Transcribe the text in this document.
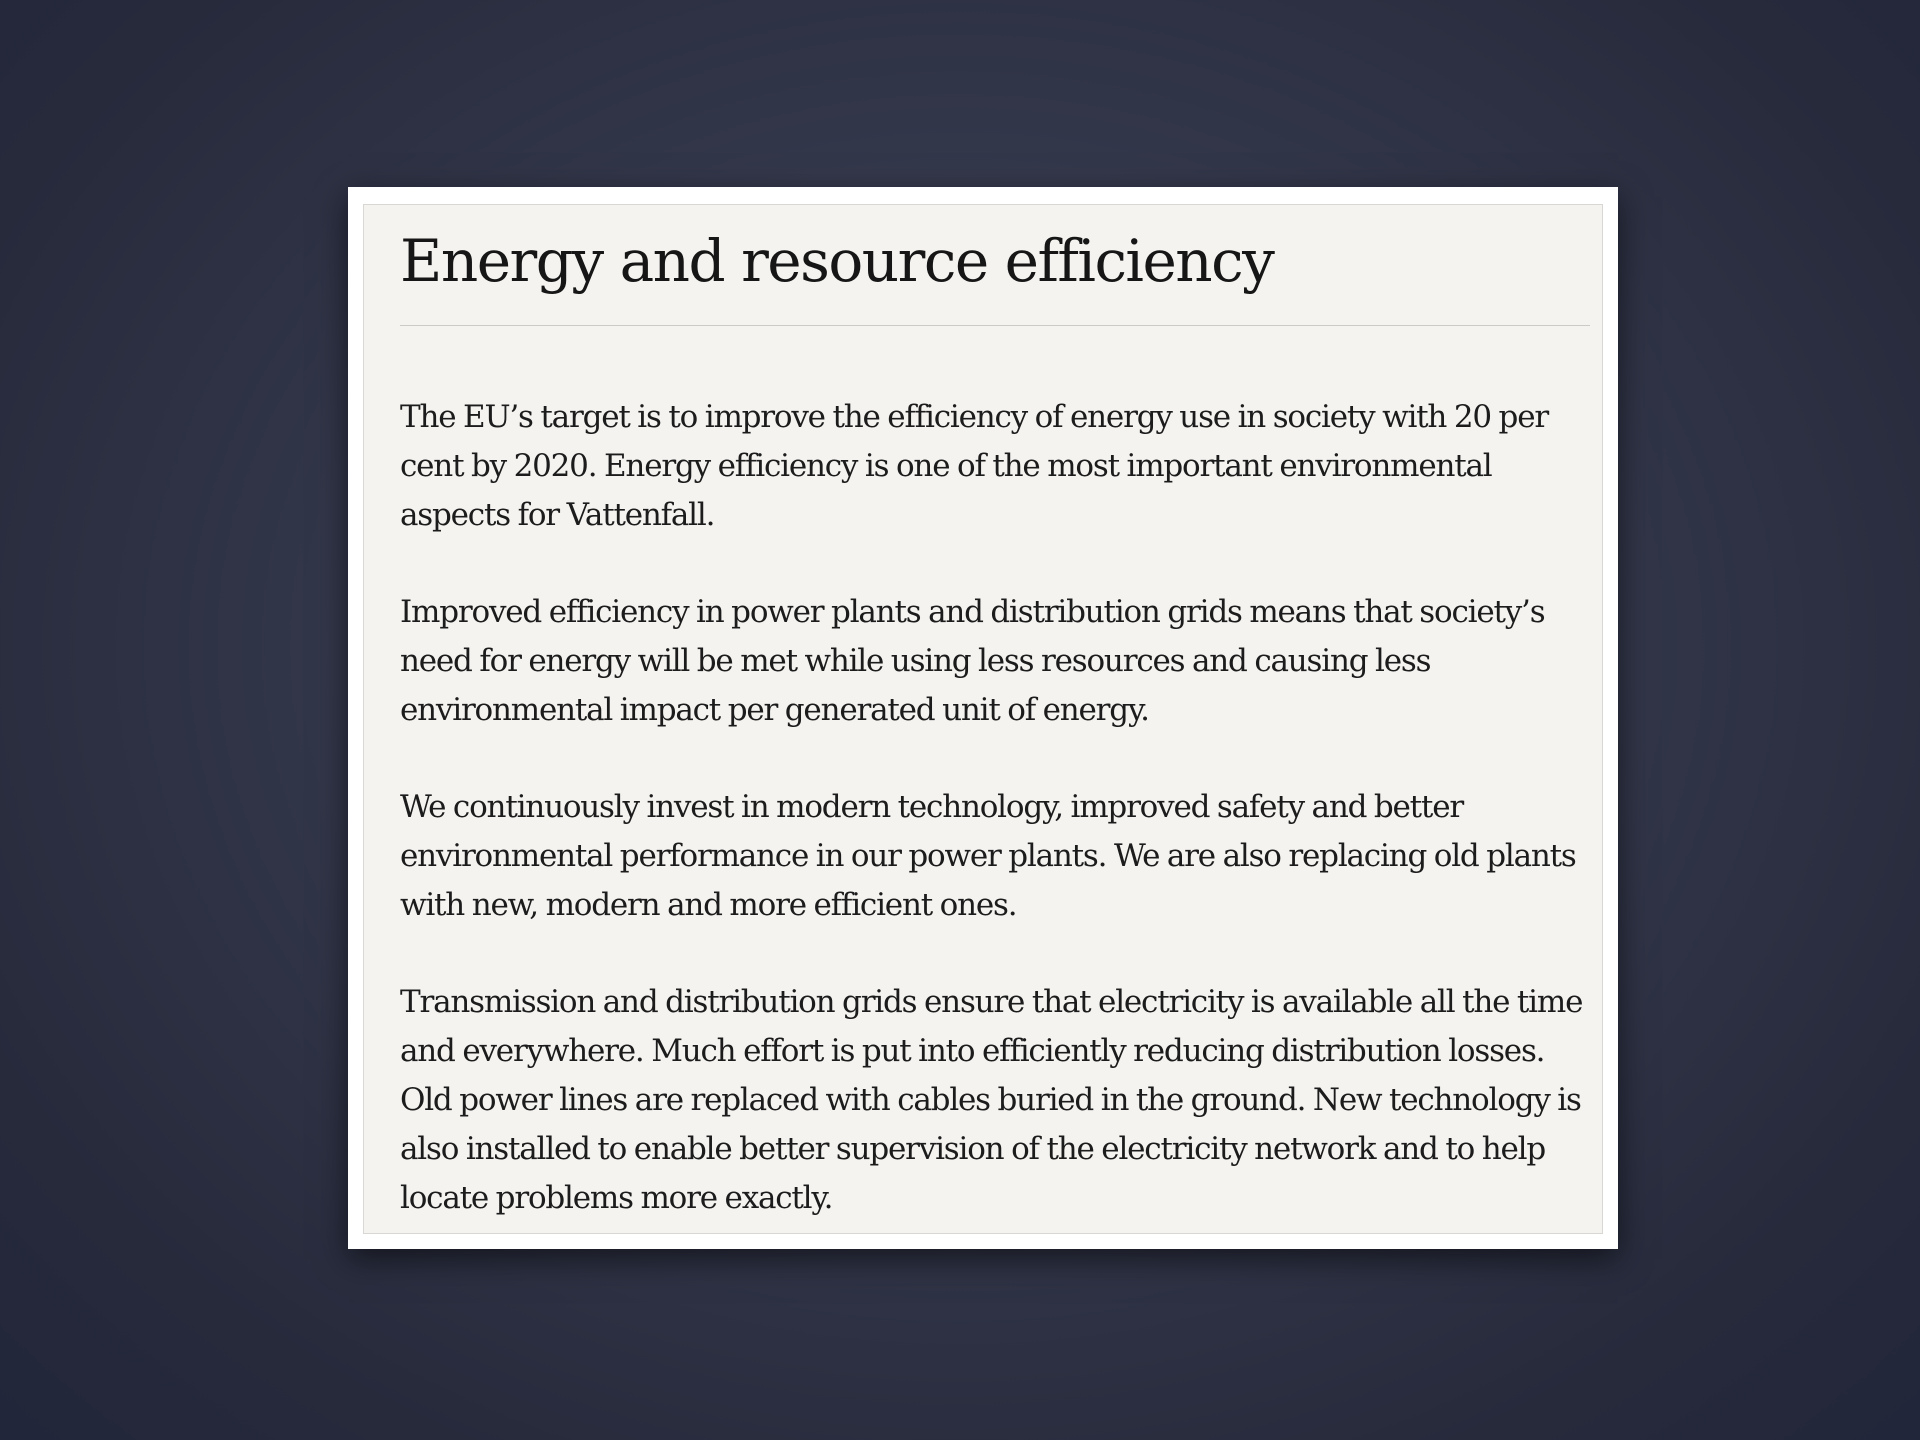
Energy and resource efficiency

The EU’s target is to improve the efficiency of energy use in society with 20 per cent by 2020. Energy efficiency is one of the most important environmental aspects for Vattenfall.

Improved efficiency in power plants and distribution grids means that society’s need for energy will be met while using less resources and causing less environmental impact per generated unit of energy.

We continuously invest in modern technology, improved safety and better environmental performance in our power plants. We are also replacing old plants with new, modern and more efficient ones.

Transmission and distribution grids ensure that electricity is available all the time and everywhere. Much effort is put into efficiently reducing distribution losses. Old power lines are replaced with cables buried in the ground. New technology is also installed to enable better supervision of the electricity network and to help locate problems more exactly.
